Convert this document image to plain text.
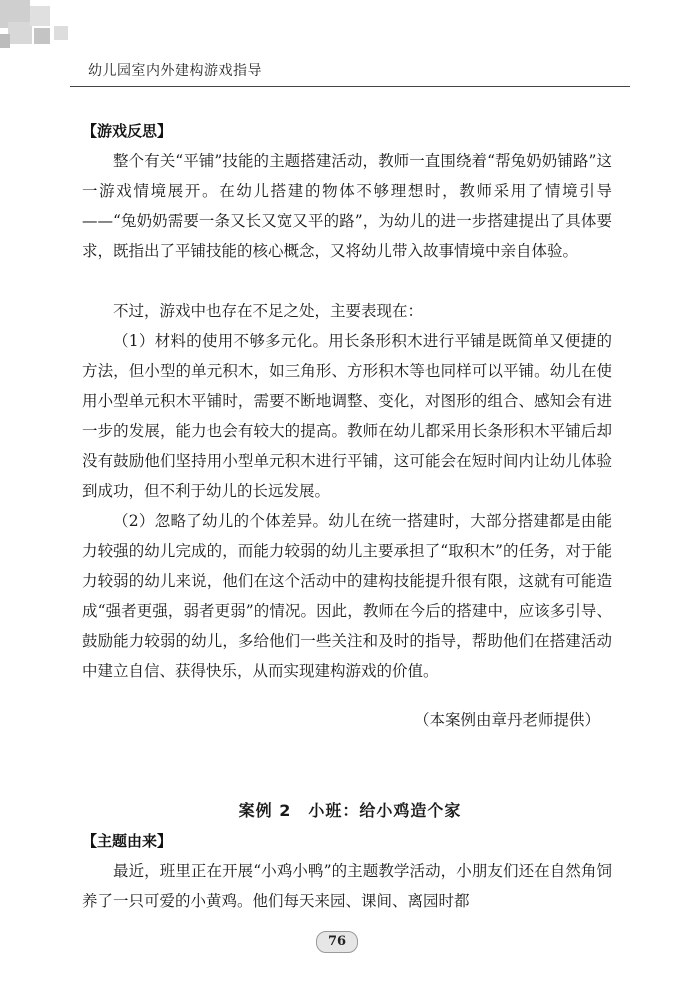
幼儿园室内外建构游戏指导
【游戏反思】
整个有关“平铺”技能的主题搭建活动，教师一直围绕着“帮兔奶奶铺路”这一游戏情境展开。在幼儿搭建的物体不够理想时，教师采用了情境引导——“兔奶奶需要一条又长又宽又平的路”，为幼儿的进一步搭建提出了具体要求，既指出了平铺技能的核心概念，又将幼儿带入故事情境中亲自体验。
不过，游戏中也存在不足之处，主要表现在：
（1）材料的使用不够多元化。用长条形积木进行平铺是既简单又便捷的方法，但小型的单元积木，如三角形、方形积木等也同样可以平铺。幼儿在使用小型单元积木平铺时，需要不断地调整、变化，对图形的组合、感知会有进一步的发展，能力也会有较大的提高。教师在幼儿都采用长条形积木平铺后却没有鼓励他们坚持用小型单元积木进行平铺，这可能会在短时间内让幼儿体验到成功，但不利于幼儿的长远发展。
（2）忽略了幼儿的个体差异。幼儿在统一搭建时，大部分搭建都是由能力较强的幼儿完成的，而能力较弱的幼儿主要承担了“取积木”的任务，对于能力较弱的幼儿来说，他们在这个活动中的建构技能提升很有限，这就有可能造成“强者更强，弱者更弱”的情况。因此，教师在今后的搭建中，应该多引导、鼓励能力较弱的幼儿，多给他们一些关注和及时的指导，帮助他们在搭建活动中建立自信、获得快乐，从而实现建构游戏的价值。
（本案例由章丹老师提供）
案例 2　小班：给小鸡造个家
【主题由来】
最近，班里正在开展“小鸡小鸭”的主题教学活动，小朋友们还在自然角饲养了一只可爱的小黄鸡。他们每天来园、课间、离园时都
76
